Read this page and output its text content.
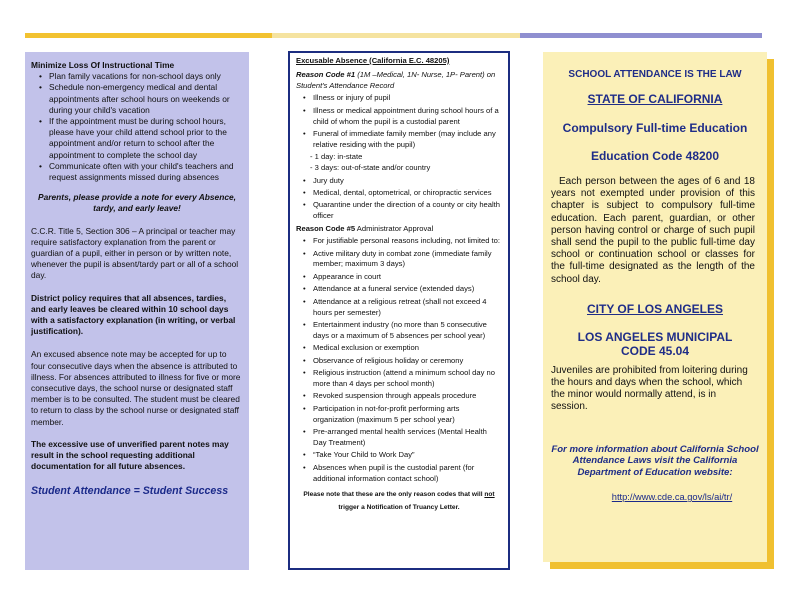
Minimize Loss Of Instructional Time

• Plan family vacations for non-school days only
• Schedule non-emergency medical and dental appointments after school hours on weekends or during your child's vacation
• If the appointment must be during school hours, please have your child attend school prior to the appointment and/or return to school after the appointment to complete the school day
• Communicate often with your child's teachers and request assignments missed during absences

Parents, please provide a note for every Absence, tardy, and early leave!

C.C.R. Title 5, Section 306 – A principal or teacher may require satisfactory explanation from the parent or guardian of a pupil, either in person or by written note, whenever the pupil is absent/tardy part or all of a school day.

District policy requires that all absences, tardies, and early leaves be cleared within 10 school days with a satisfactory explanation (in writing, or verbal justification).

An excused absence note may be accepted for up to four consecutive days when the absence is attributed to illness. For absences attributed to illness for five or more consecutive days, the school nurse or designated staff member is to be consulted. The student must be cleared to return to class by the school nurse or designated staff member.

The excessive use of unverified parent notes may result in the school requesting additional documentation for all future absences.

Student Attendance = Student Success

Excusable Absence (California E.C. 48205)

Reason Code #1 (1M –Medical, 1N- Nurse, 1P- Parent) on Student's Attendance Record

• Illness or injury of pupil
• Illness or medical appointment during school hours of a child of whom the pupil is a custodial parent
• Funeral of immediate family member (may include any relative residing with the pupil)

- 1 day: in-state

- 3 days: out-of-state and/or country

• Jury duty
• Medical, dental, optometrical, or chiropractic services
• Quarantine under the direction of a county or city health officer

Reason Code #5 Administrator Approval

• For justifiable personal reasons including, not limited to:
• Active military duty in combat zone (immediate family member; maximum 3 days)
• Appearance in court
• Attendance at a funeral service (extended days)
• Attendance at a religious retreat (shall not exceed 4 hours per semester)
• Entertainment industry (no more than 5 consecutive days or a maximum of 5 absences per school year)
• Medical exclusion or exemption
• Observance of religious holiday or ceremony
• Religious instruction (attend a minimum school day no more than 4 days per school month)
• Revoked suspension through appeals procedure
• Participation in not-for-profit performing arts organization (maximum 5 per school year)
• Pre-arranged mental health services (Mental Health Day Treatment)
• “Take Your Child to Work Day”
• Absences when pupil is the custodial parent (for additional information contact school)

Please note that these are the only reason codes that will not
trigger a Notification of Truancy Letter.

SCHOOL ATTENDANCE IS THE LAW
STATE OF CALIFORNIA
Compulsory Full-time Education
Education Code 48200
Each person between the ages of 6 and 18 years not exempted under provision of this chapter is subject to compulsory full-time education. Each parent, guardian, or other person having control or charge of such pupil shall send the pupil to the public full-time day school or continuation school or classes for the full-time designated as the length of the school day.
CITY OF LOS ANGELES
LOS ANGELES MUNICIPAL
CODE 45.04
Juveniles are prohibited from loitering during the hours and days when the school, which the minor would normally attend, is in session.
For more information about California School Attendance Laws visit the California Department of Education website:
http://www.cde.ca.gov/ls/ai/tr/
